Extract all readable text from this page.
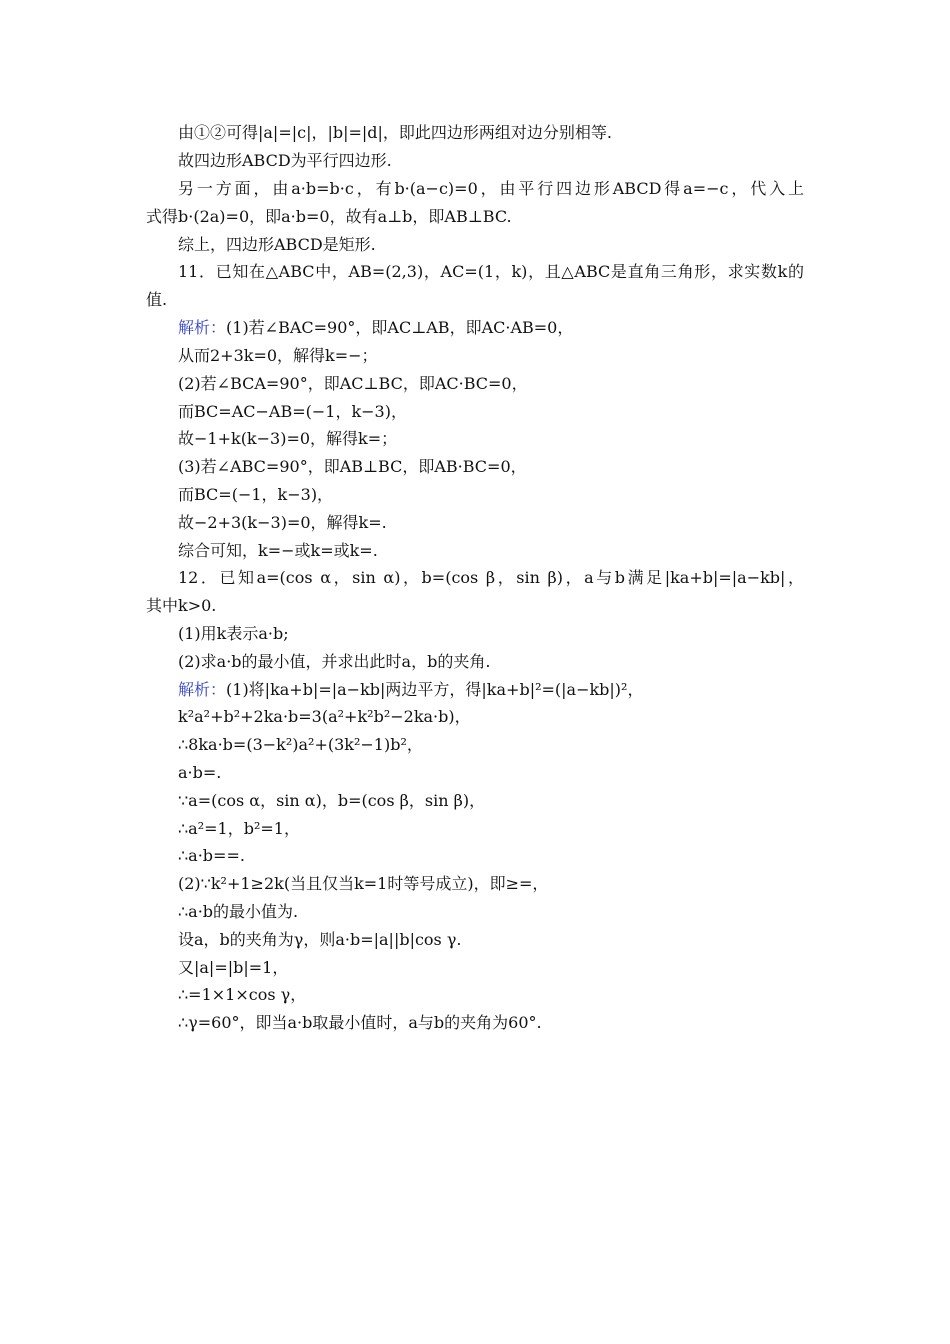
由①②可得|a|=|c|，|b|=|d|，即此四边形两组对边分别相等.
故四边形ABCD为平行四边形.
另一方面，由a·b=b·c，有b·(a−c)=0，由平行四边形ABCD得a=−c，代入上
式得b·(2a)=0，即a·b=0，故有a⊥b，即AB⊥BC.
综上，四边形ABCD是矩形.
11．已知在△ABC中，AB=(2,3)，AC=(1，k)，且△ABC是直角三角形，求实数k的
值.
解析：(1)若∠BAC=90°，即AC⊥AB，即AC·AB=0，
从而2+3k=0，解得k=−；
(2)若∠BCA=90°，即AC⊥BC，即AC·BC=0，
而BC=AC−AB=(−1，k−3)，
故−1+k(k−3)=0，解得k=；
(3)若∠ABC=90°，即AB⊥BC，即AB·BC=0，
而BC=(−1，k−3)，
故−2+3(k−3)=0，解得k=.
综合可知，k=−或k=或k=.
12．已知a=(cos α，sin α)，b=(cos β，sin β)，a与b满足|ka+b|=|a−kb|，
其中k>0.
(1)用k表示a·b;
(2)求a·b的最小值，并求出此时a，b的夹角.
解析：(1)将|ka+b|=|a−kb|两边平方，得|ka+b|²=(|a−kb|)²，
k²a²+b²+2ka·b=3(a²+k²b²−2ka·b)，
∴8ka·b=(3−k²)a²+(3k²−1)b²，
a·b=.
∵a=(cos α，sin α)，b=(cos β，sin β)，
∴a²=1，b²=1，
∴a·b==.
(2)∵k²+1≥2k(当且仅当k=1时等号成立)，即≥=，
∴a·b的最小值为.
设a，b的夹角为γ，则a·b=|a||b|cos γ.
又|a|=|b|=1，
∴=1×1×cos γ，
∴γ=60°，即当a·b取最小值时，a与b的夹角为60°.
